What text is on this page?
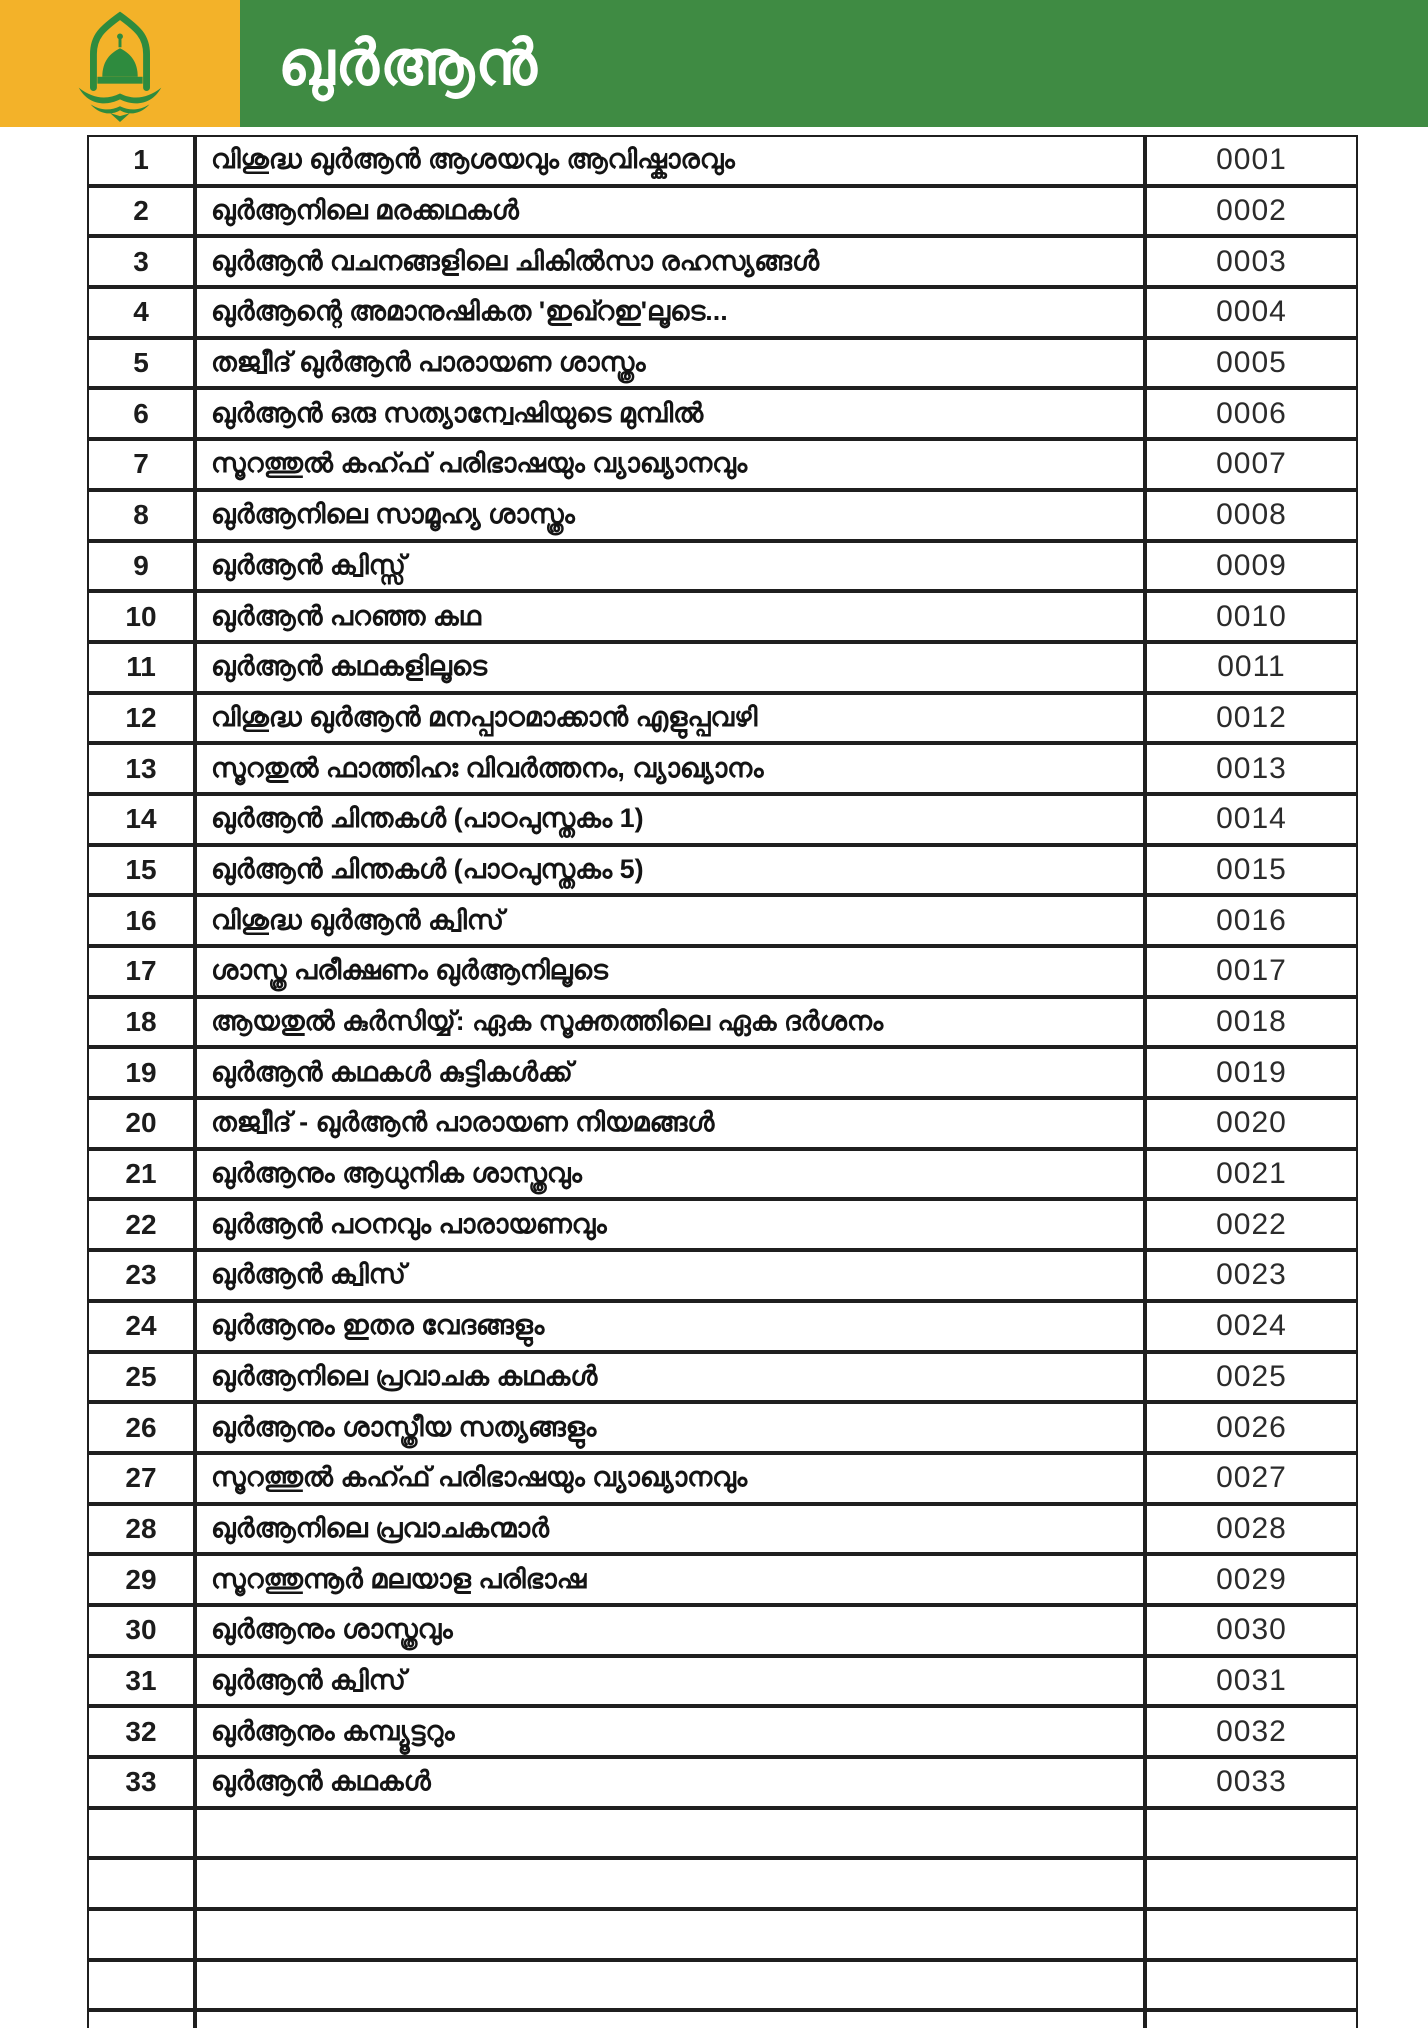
ഖുർആൻ
1	വിശുദ്ധ ഖുർആൻ ആശയവും ആവിഷ്കാരവും	0001
2	ഖുർആനിലെ മരക്കഥകൾ	0002
3	ഖുർആൻ വചനങ്ങളിലെ ചികിൽസാ രഹസ്യങ്ങൾ	0003
4	ഖുർആന്റെ അമാനുഷികത 'ഇഖ്റഇ'ലൂടെ...	0004
5	തജ്വീദ് ഖുർആൻ പാരായണ ശാസ്ത്രം	0005
6	ഖുർആൻ ഒരു സത്യാന്വേഷിയുടെ മുമ്പിൽ	0006
7	സൂറത്തുൽ കഹ്ഫ് പരിഭാഷയും വ്യാഖ്യാനവും	0007
8	ഖുർആനിലെ സാമൂഹ്യ ശാസ്ത്രം	0008
9	ഖുർആൻ ക്വിസ്സ്	0009
10	ഖുർആൻ പറഞ്ഞ കഥ	0010
11	ഖുർആൻ കഥകളിലൂടെ	0011
12	വിശുദ്ധ ഖുർആൻ മനപ്പാഠമാക്കാൻ എളുപ്പവഴി	0012
13	സൂറതുൽ ഫാത്തിഹഃ വിവർത്തനം, വ്യാഖ്യാനം	0013
14	ഖുർആൻ ചിന്തകൾ (പാഠപുസ്തകം 1)	0014
15	ഖുർആൻ ചിന്തകൾ (പാഠപുസ്തകം 5)	0015
16	വിശുദ്ധ ഖുർആൻ ക്വിസ്	0016
17	ശാസ്ത്ര പരീക്ഷണം ഖുർആനിലൂടെ	0017
18	ആയതുൽ കുർസിയ്യ്: ഏക സൂക്തത്തിലെ ഏക ദർശനം	0018
19	ഖുർആൻ കഥകൾ കുട്ടികൾക്ക്	0019
20	തജ്വീദ് - ഖുർആൻ പാരായണ നിയമങ്ങൾ	0020
21	ഖുർആനും ആധുനിക ശാസ്ത്രവും	0021
22	ഖുർആൻ പഠനവും പാരായണവും	0022
23	ഖുർആൻ ക്വിസ്	0023
24	ഖുർആനും ഇതര വേദങ്ങളും	0024
25	ഖുർആനിലെ പ്രവാചക കഥകൾ	0025
26	ഖുർആനും ശാസ്ത്രീയ സത്യങ്ങളും	0026
27	സൂറത്തുൽ കഹ്ഫ് പരിഭാഷയും വ്യാഖ്യാനവും	0027
28	ഖുർആനിലെ പ്രവാചകന്മാർ	0028
29	സൂറത്തുന്നൂർ മലയാള പരിഭാഷ	0029
30	ഖുർആനും ശാസ്ത്രവും	0030
31	ഖുർആൻ ക്വിസ്	0031
32	ഖുർആനും കമ്പ്യൂട്ടറും	0032
33	ഖുർആൻ കഥകൾ	0033
